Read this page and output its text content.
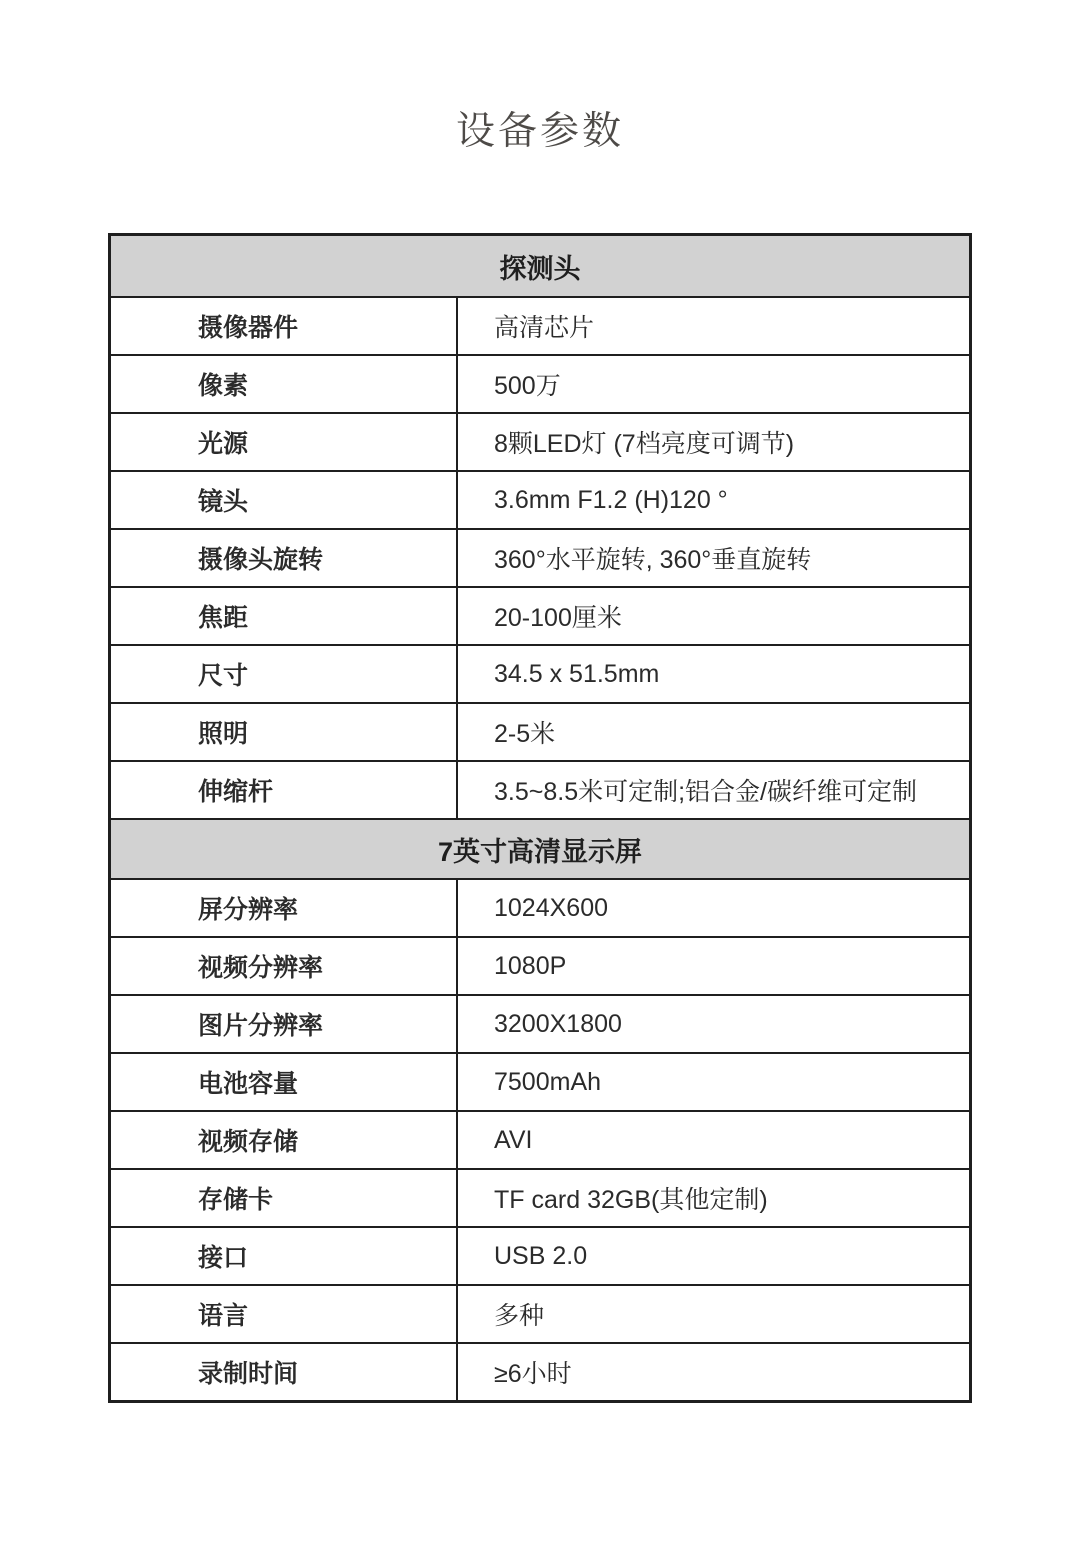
设备参数
探测头
摄像器件	高清芯片
像素	500万
光源	8颗LED灯 (7档亮度可调节)
镜头	3.6mm F1.2 (H)120 °
摄像头旋转	360°水平旋转, 360°垂直旋转
焦距	20-100厘米
尺寸	34.5 x 51.5mm
照明	2-5米
伸缩杆	3.5~8.5米可定制;铝合金/碳纤维可定制
7英寸高清显示屏
屏分辨率	1024X600
视频分辨率	1080P
图片分辨率	3200X1800
电池容量	7500mAh
视频存储	AVI
存储卡	TF card 32GB(其他定制)
接口	USB 2.0
语言	多种
录制时间	≥6小时
